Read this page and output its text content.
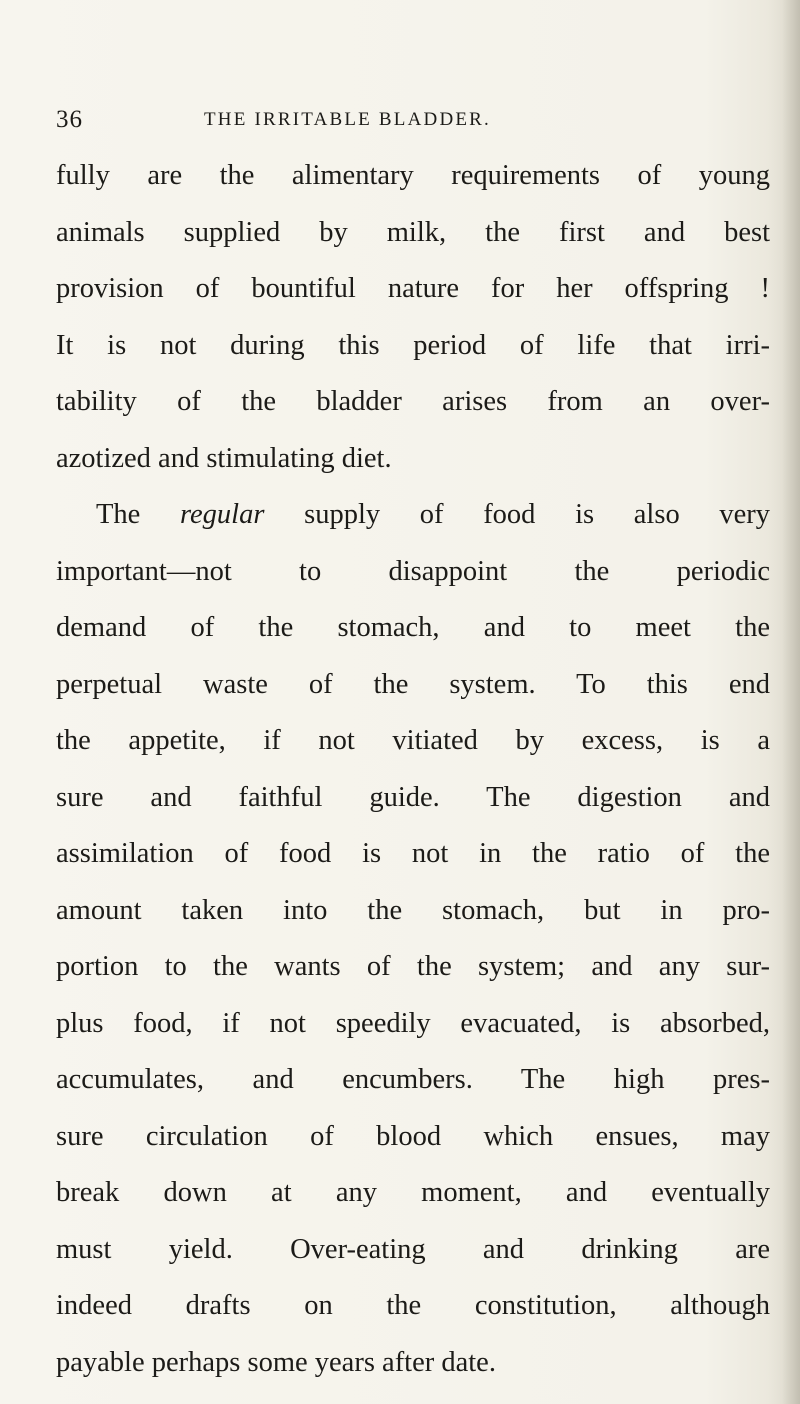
36	THE IRRITABLE BLADDER.
fully are the alimentary requirements of young
animals supplied by milk, the first and best
provision of bountiful nature for her offspring !
It is not during this period of life that irri-
tability of the bladder arises from an over-
azotized and stimulating diet.
The regular supply of food is also very
important—not to disappoint the periodic
demand of the stomach, and to meet the
perpetual waste of the system. To this end
the appetite, if not vitiated by excess, is a
sure and faithful guide. The digestion and
assimilation of food is not in the ratio of the
amount taken into the stomach, but in pro-
portion to the wants of the system; and any sur-
plus food, if not speedily evacuated, is absorbed,
accumulates, and encumbers. The high pres-
sure circulation of blood which ensues, may
break down at any moment, and eventually
must yield. Over-eating and drinking are
indeed drafts on the constitution, although
payable perhaps some years after date.
